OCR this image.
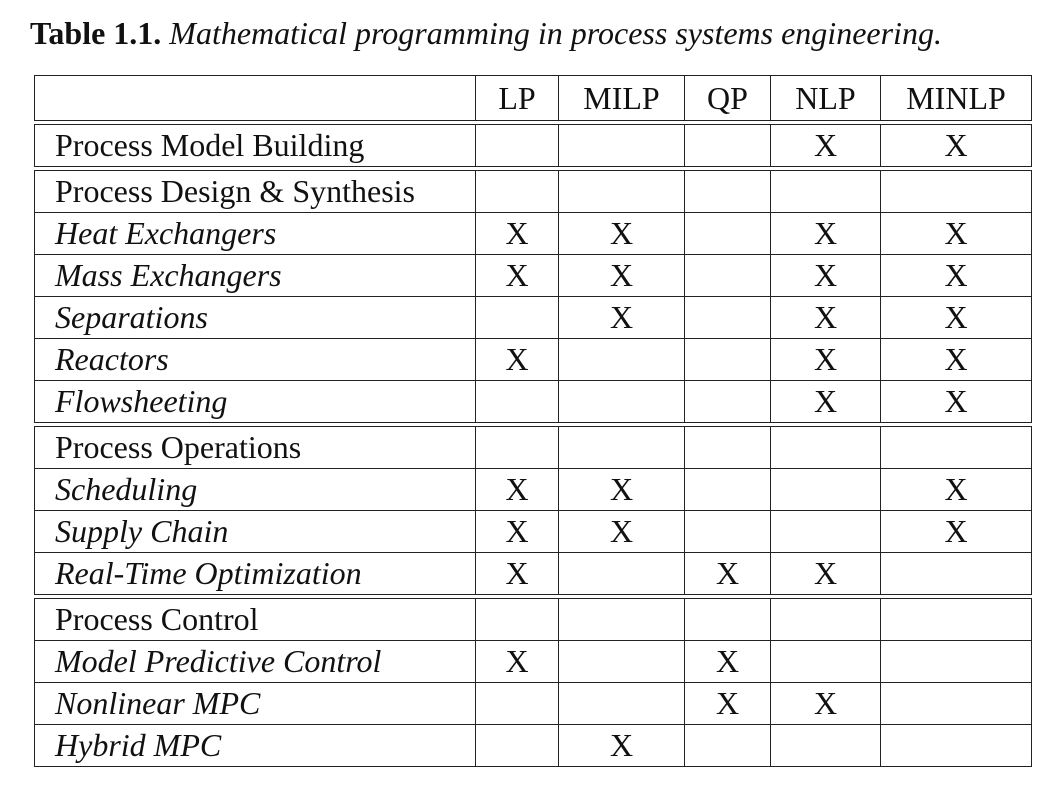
Table 1.1. Mathematical programming in process systems engineering.
	LP	MILP	QP	NLP	MINLP

Process Model Building				X	X

Process Design & Synthesis					
Heat Exchangers	X	X		X	X
Mass Exchangers	X	X		X	X
Separations		X		X	X
Reactors	X			X	X
Flowsheeting				X	X

Process Operations					
Scheduling	X	X			X
Supply Chain	X	X			X
Real-Time Optimization	X		X	X	

Process Control					
Model Predictive Control	X		X		
Nonlinear MPC			X	X	
Hybrid MPC		X			
